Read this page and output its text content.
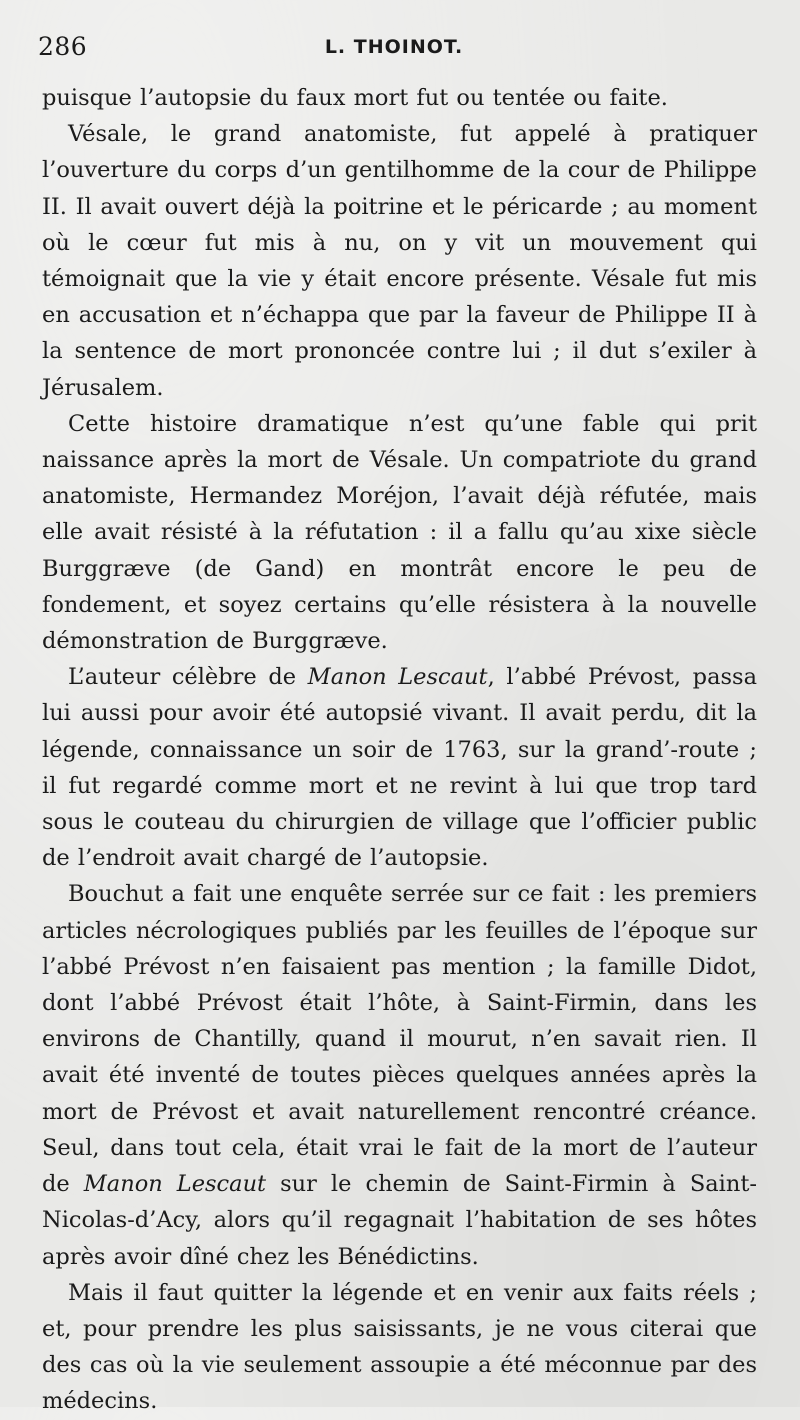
286	L. THOINOT.

puisque l’autopsie du faux mort fut ou tentée ou faite.

Vésale, le grand anatomiste, fut appelé à pratiquer l’ouverture du corps d’un gentilhomme de la cour de Philippe II. Il avait ouvert déjà la poitrine et le péricarde ; au moment où le cœur fut mis à nu, on y vit un mouvement qui témoignait que la vie y était encore présente. Vésale fut mis en accusation et n’échappa que par la faveur de Philippe II à la sentence de mort prononcée contre lui ; il dut s’exiler à Jérusalem.

Cette histoire dramatique n’est qu’une fable qui prit naissance après la mort de Vésale. Un compatriote du grand anatomiste, Hermandez Moréjon, l’avait déjà réfutée, mais elle avait résisté à la réfutation : il a fallu qu’au xixe siècle Burggræve (de Gand) en montrât encore le peu de fondement, et soyez certains qu’elle résistera à la nouvelle démonstration de Burggræve.

L’auteur célèbre de Manon Lescaut, l’abbé Prévost, passa lui aussi pour avoir été autopsié vivant. Il avait perdu, dit la légende, connaissance un soir de 1763, sur la grand’-route ; il fut regardé comme mort et ne revint à lui que trop tard sous le couteau du chirurgien de village que l’officier public de l’endroit avait chargé de l’autopsie.

Bouchut a fait une enquête serrée sur ce fait : les premiers articles nécrologiques publiés par les feuilles de l’époque sur l’abbé Prévost n’en faisaient pas mention ; la famille Didot, dont l’abbé Prévost était l’hôte, à Saint-Firmin, dans les environs de Chantilly, quand il mourut, n’en savait rien. Il avait été inventé de toutes pièces quelques années après la mort de Prévost et avait naturellement rencontré créance. Seul, dans tout cela, était vrai le fait de la mort de l’auteur de Manon Lescaut sur le chemin de Saint-Firmin à Saint-Nicolas-d’Acy, alors qu’il regagnait l’habitation de ses hôtes après avoir dîné chez les Bénédictins.

Mais il faut quitter la légende et en venir aux faits réels ; et, pour prendre les plus saisissants, je ne vous citerai que des cas où la vie seulement assoupie a été méconnue par des médecins.
